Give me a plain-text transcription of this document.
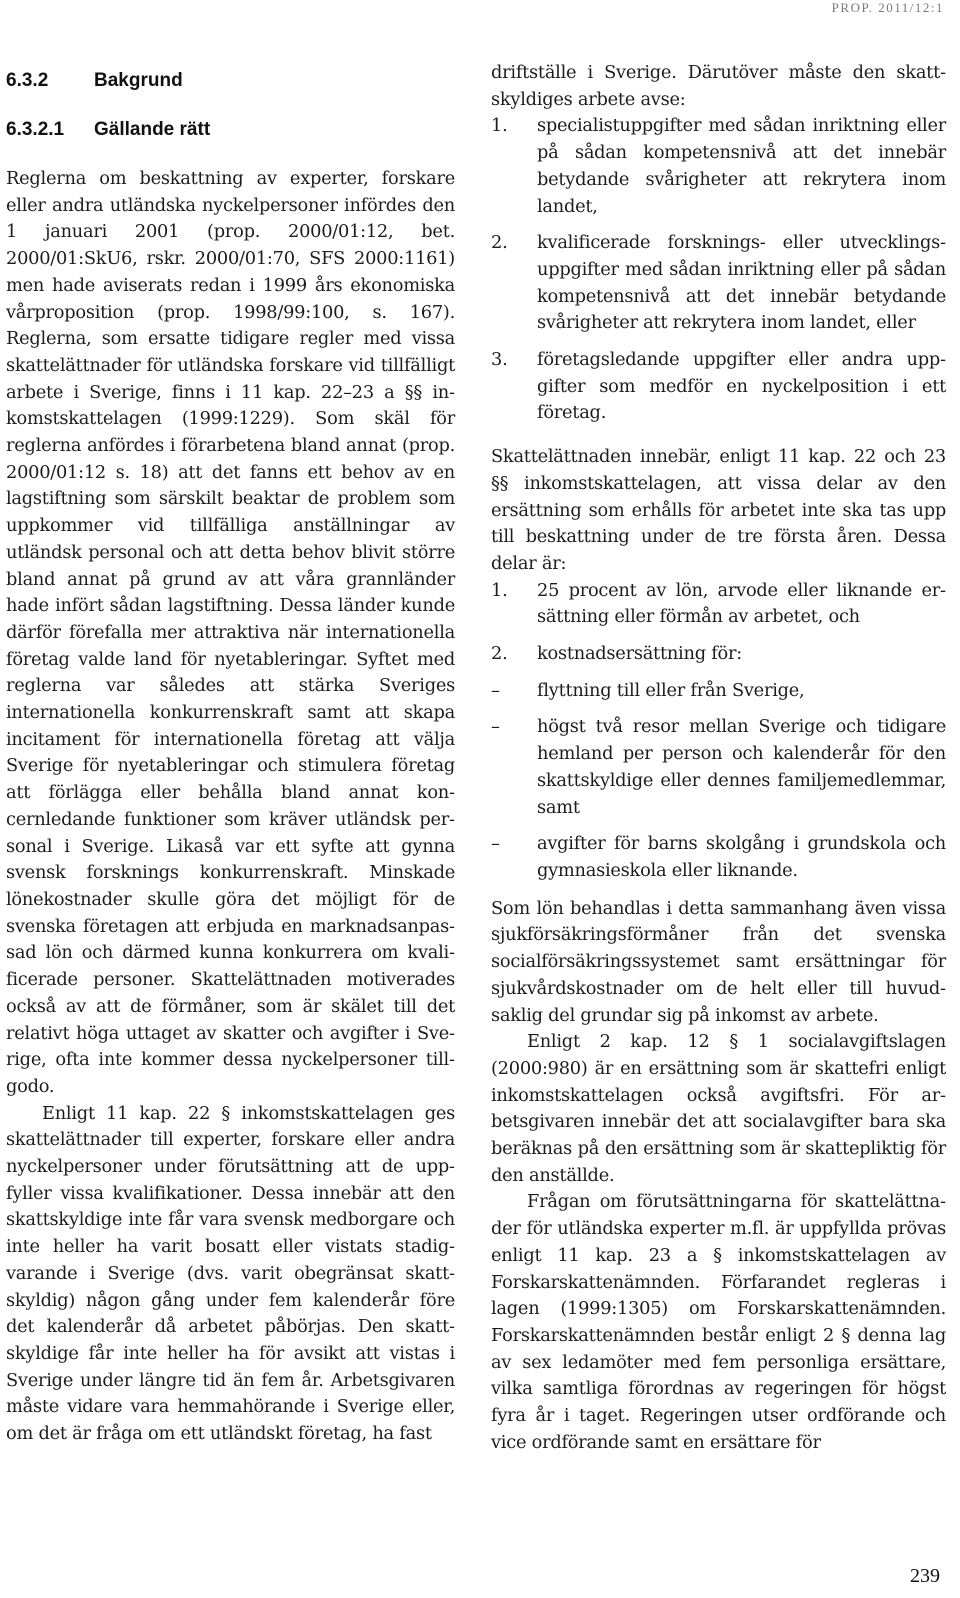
PROP. 2011/12:1
6.3.2 Bakgrund
6.3.2.1 Gällande rätt

Reglerna om beskattning av experter, forskare eller andra utländska nyckelpersoner infördes den 1 januari 2001 (prop. 2000/01:12, bet. 2000/01:SkU6, rskr. 2000/01:70, SFS 2000:1161) men hade aviserats redan i 1999 års ekonomiska vårproposition (prop. 1998/99:100, s. 167). Reglerna, som ersatte tidigare regler med vissa skattelättnader för utländska forskare vid tillfälligt arbete i Sverige, finns i 11 kap. 22–23 a §§ inkomstskattelagen (1999:1229). Som skäl för reglerna anfördes i förarbetena bland annat (prop. 2000/01:12 s. 18) att det fanns ett behov av en lagstiftning som särskilt beaktar de problem som uppkommer vid tillfälliga anställningar av utländsk personal och att detta behov blivit större bland annat på grund av att våra grannländer hade infört sådan lagstiftning. Dessa länder kunde därför förefalla mer attraktiva när internationella företag valde land för nyetableringar. Syftet med reglerna var således att stärka Sveriges internationella konkurrenskraft samt att skapa incitament för internationella företag att välja Sverige för nyetableringar och stimulera företag att förlägga eller behålla bland annat koncernledande funktioner som kräver utländsk personal i Sverige. Likaså var ett syfte att gynna svensk forsknings konkurrenskraft. Minskade lönekostnader skulle göra det möjligt för de svenska företagen att erbjuda en marknadsanpassad lön och därmed kunna konkurrera om kvalificerade personer. Skattelättnaden motiverades också av att de förmåner, som är skälet till det relativt höga uttaget av skatter och avgifter i Sverige, ofta inte kommer dessa nyckelpersoner tillgodo.

Enligt 11 kap. 22 § inkomstskattelagen ges skattelättnader till experter, forskare eller andra nyckelpersoner under förutsättning att de uppfyller vissa kvalifikationer. Dessa innebär att den skattskyldige inte får vara svensk medborgare och inte heller ha varit bosatt eller vistats stadigvarande i Sverige (dvs. varit obegränsat skattskyldig) någon gång under fem kalenderår före det kalenderår då arbetet påbörjas. Den skattskyldige får inte heller ha för avsikt att vistas i Sverige under längre tid än fem år. Arbetsgivaren måste vidare vara hemmahörande i Sverige eller, om det är fråga om ett utländskt företag, ha fast

driftställe i Sverige. Därutöver måste den skattskyldiges arbete avse:

1. specialistuppgifter med sådan inriktning eller på sådan kompetensnivå att det innebär betydande svårigheter att rekrytera inom landet,
2. kvalificerade forsknings- eller utvecklingsuppgifter med sådan inriktning eller på sådan kompetensnivå att det innebär betydande svårigheter att rekrytera inom landet, eller
3. företagsledande uppgifter eller andra uppgifter som medför en nyckelposition i ett företag.

Skattelättnaden innebär, enligt 11 kap. 22 och 23 §§ inkomstskattelagen, att vissa delar av den ersättning som erhålls för arbetet inte ska tas upp till beskattning under de tre första åren. Dessa delar är:

1. 25 procent av lön, arvode eller liknande ersättning eller förmån av arbetet, och
2. kostnadsersättning för:
– flyttning till eller från Sverige,
– högst två resor mellan Sverige och tidigare hemland per person och kalenderår för den skattskyldige eller dennes familjemedlemmar, samt
– avgifter för barns skolgång i grundskola och gymnasieskola eller liknande.

Som lön behandlas i detta sammanhang även vissa sjukförsäkringsförmåner från det svenska socialförsäkringssystemet samt ersättningar för sjukvårdskostnader om de helt eller till huvudsaklig del grundar sig på inkomst av arbete.

Enligt 2 kap. 12 § 1 socialavgiftslagen (2000:980) är en ersättning som är skattefri enligt inkomstskattelagen också avgiftsfri. För arbetsgivaren innebär det att socialavgifter bara ska beräknas på den ersättning som är skattepliktig för den anställde.

Frågan om förutsättningarna för skattelättnader för utländska experter m.fl. är uppfyllda prövas enligt 11 kap. 23 a § inkomstskattelagen av Forskarskattenämnden. Förfarandet regleras i lagen (1999:1305) om Forskarskattenämnden. Forskarskattenämnden består enligt 2 § denna lag av sex ledamöter med fem personliga ersättare, vilka samtliga förordnas av regeringen för högst fyra år i taget. Regeringen utser ordförande och vice ordförande samt en ersättare för

239
